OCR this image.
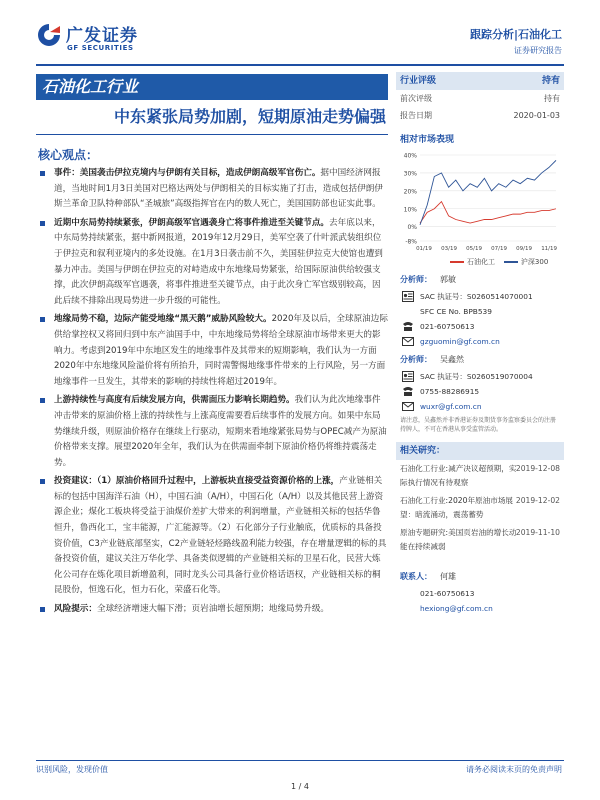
广发证券
GF SECURITIES
跟踪分析|石油化工
证券研究报告
石油化工行业
中东紧张局势加剧，短期原油走势偏强
核心观点：
事件：美国袭击伊拉克境内与伊朗有关目标，造成伊朗高级军官伤亡。据中国经济网报道，当地时间1月3日美国对巴格达两处与伊朗相关的目标实施了打击，造成包括伊朗伊斯兰革命卫队特种部队“圣城旅”高级指挥官在内的数人死亡，美国国防部也证实此事。
近期中东局势持续紧张，伊朗高级军官遇袭身亡将事件推进至关键节点。去年底以来，中东局势持续紧张，据中新网报道，2019年12月29日，美军空袭了什叶派武装组织位于伊拉克和叙利亚境内的多处设施。在1月3日袭击前不久，美国驻伊拉克大使馆也遭到暴力冲击。美国与伊朗在伊拉克的对峙造成中东地缘局势紧张，给国际原油供给较强支撑，此次伊朗高级军官遇袭，将事件推进至关键节点，由于此次身亡军官级别较高，因此后续不排除出现局势进一步升级的可能性。
地缘局势不稳，边际产能受地缘“黑天鹅”威胁风险较大。2020年及以后，全球原油边际供给掌控权又将回归到中东产油国手中，中东地缘局势将给全球原油市场带来更大的影响力。考虑到2019年中东地区发生的地缘事件及其带来的短期影响，我们认为一方面2020年中东地缘风险溢价将有所抬升，同时需警惕地缘事件带来的上行风险，另一方面地缘事件一旦发生，其带来的影响的持续性将超过2019年。
上游持续性与高度有后续发展方向，供需面压力影响长期趋势。我们认为此次地缘事件冲击带来的原油价格上涨的持续性与上涨高度需要看后续事件的发展方向。如果中东局势继续升级，则原油价格存在继续上行驱动，短期来看地缘紧张局势与OPEC减产为原油价格带来支撑。展望2020年全年，我们认为在供需面牵制下原油价格仍将维持震荡走势。
投资建议：（1）原油价格回升过程中，上游板块直接受益资源价格的上涨，产业链相关标的包括中国海洋石油（H），中国石油（A/H），中国石化（A/H）以及其他民营上游资源企业；煤化工板块将受益于油煤价差扩大带来的利润增量，产业链相关标的包括华鲁恒升，鲁西化工，宝丰能源，广汇能源等。（2）石化部分子行业触底，优质标的具备投资价值，C3产业链底部坚实，C2产业链轻烃路线盈利能力较强，存在增量逻辑的标的具备投资价值，建议关注万华化学、具备类似逻辑的产业链相关标的卫星石化，民营大炼化公司存在炼化项目新增盈利，同时龙头公司具备行业价格话语权，产业链相关标的桐昆股份，恒逸石化，恒力石化，荣盛石化等。
风险提示：全球经济增速大幅下滑；页岩油增长超预期；地缘局势升级。
行业评级	持有
前次评级	持有
报告日期	2020-01-03
相对市场表现
40%
30%
20%
10%
0%
-8%
01/19 03/19 05/19 07/19 09/19 11/19
石油化工	沪深300
分析师：	郭敏
SAC 执证号：S0260514070001
SFC CE No. BPB539
021-60750613
gzguomin@gf.com.cn
分析师：	吴鑫然
SAC 执证号：S0260519070004
0755-88286915
wuxr@gf.com.cn
请注意，吴鑫然并非香港证券及期货事务监察委员会的注册持牌人，不可在香港从事受监管活动。
相关研究：
石油化工行业:减产决议超预期，实际执行情况有待观察
2019-12-08
石油化工行业:2020年原油市场展望：暗流涌动，震荡蓄势
2019-12-02
原油专题研究:美国页岩油的增长动能在持续减弱
2019-11-10
联系人：	何雄
021-60750613
hexiong@gf.com.cn
识别风险，发现价值	请务必阅读末页的免责声明
1 / 4
